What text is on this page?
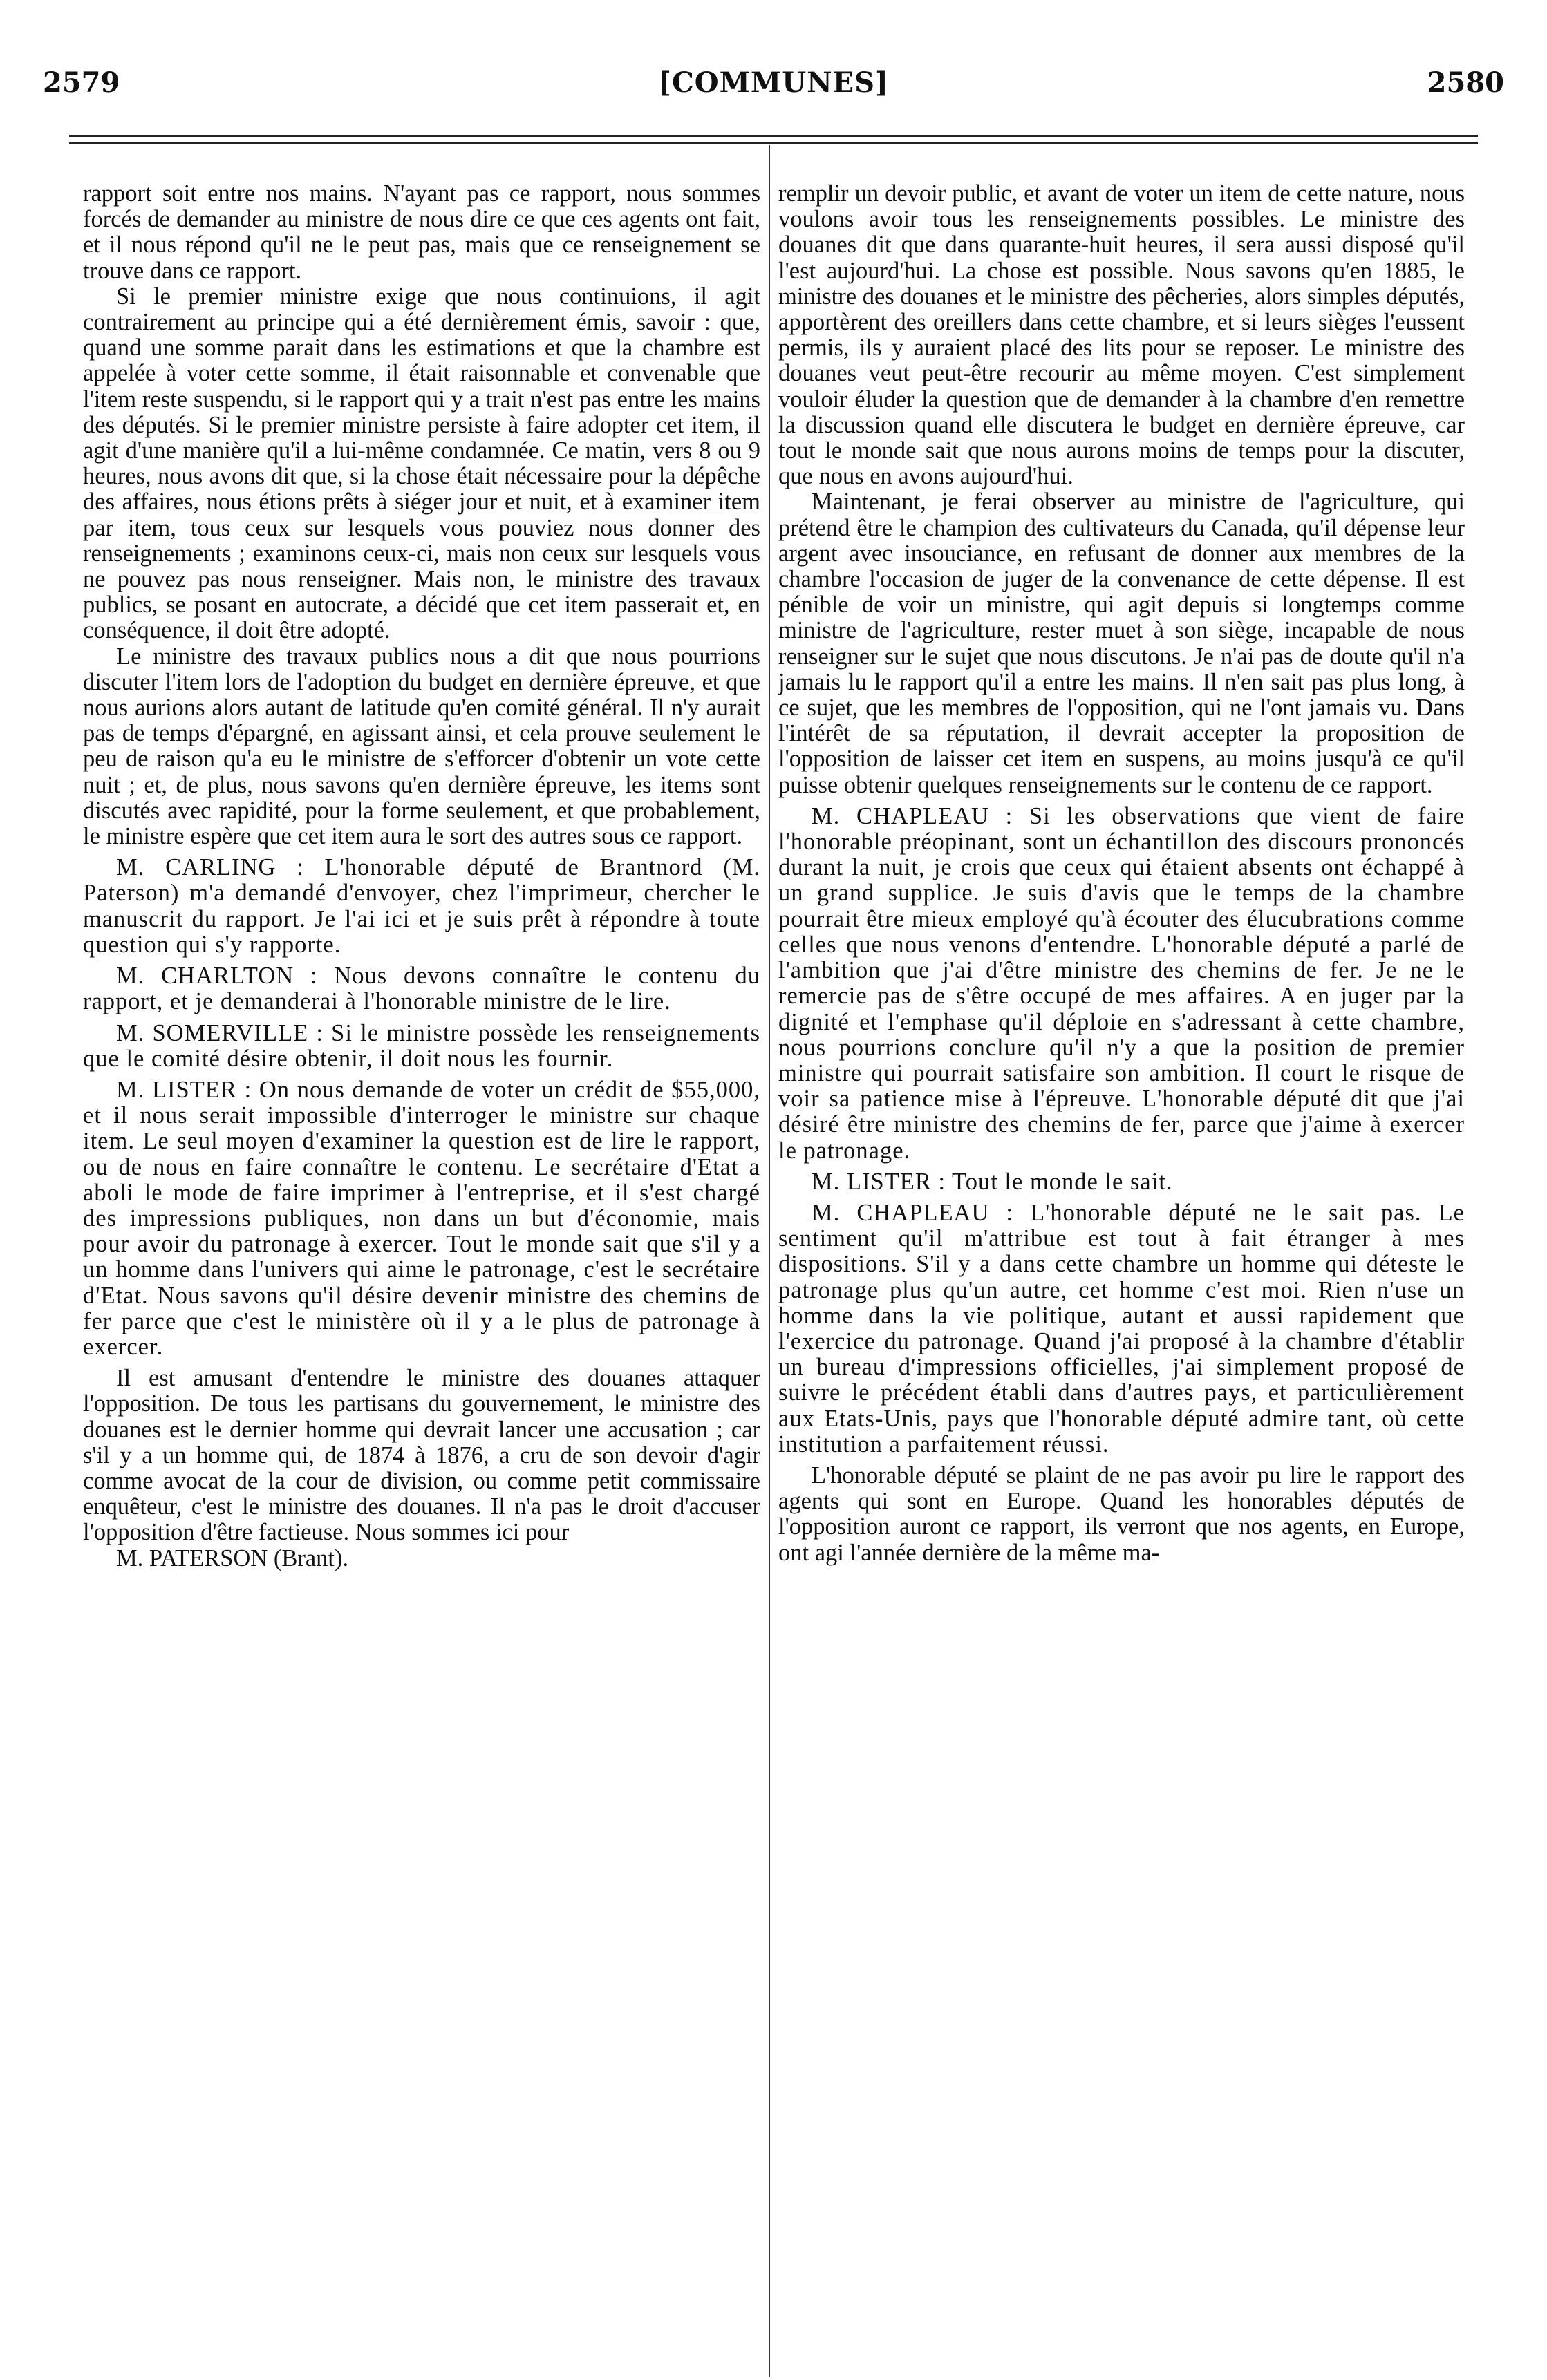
2579	[COMMUNES]	2580

rapport soit entre nos mains. N'ayant pas ce rapport, nous sommes forcés de demander au ministre de nous dire ce que ces agents ont fait, et il nous répond qu'il ne le peut pas, mais que ce renseignement se trouve dans ce rapport.

Si le premier ministre exige que nous continuions, il agit contrairement au principe qui a été dernièrement émis, savoir : que, quand une somme parait dans les estimations et que la chambre est appelée à voter cette somme, il était raisonnable et convenable que l'item reste suspendu, si le rapport qui y a trait n'est pas entre les mains des députés. Si le premier ministre persiste à faire adopter cet item, il agit d'une manière qu'il a lui-même condamnée. Ce matin, vers 8 ou 9 heures, nous avons dit que, si la chose était nécessaire pour la dépêche des affaires, nous étions prêts à siéger jour et nuit, et à examiner item par item, tous ceux sur lesquels vous pouviez nous donner des renseignements ; examinons ceux-ci, mais non ceux sur lesquels vous ne pouvez pas nous renseigner. Mais non, le ministre des travaux publics, se posant en autocrate, a décidé que cet item passerait et, en conséquence, il doit être adopté.

Le ministre des travaux publics nous a dit que nous pourrions discuter l'item lors de l'adoption du budget en dernière épreuve, et que nous aurions alors autant de latitude qu'en comité général. Il n'y aurait pas de temps d'épargné, en agissant ainsi, et cela prouve seulement le peu de raison qu'a eu le ministre de s'efforcer d'obtenir un vote cette nuit ; et, de plus, nous savons qu'en dernière épreuve, les items sont discutés avec rapidité, pour la forme seulement, et que probablement, le ministre espère que cet item aura le sort des autres sous ce rapport.

M. CARLING : L'honorable député de Brantnord (M. Paterson) m'a demandé d'envoyer, chez l'imprimeur, chercher le manuscrit du rapport. Je l'ai ici et je suis prêt à répondre à toute question qui s'y rapporte.

M. CHARLTON : Nous devons connaître le contenu du rapport, et je demanderai à l'honorable ministre de le lire.

M. SOMERVILLE : Si le ministre possède les renseignements que le comité désire obtenir, il doit nous les fournir.

M. LISTER : On nous demande de voter un crédit de $55,000, et il nous serait impossible d'interroger le ministre sur chaque item. Le seul moyen d'examiner la question est de lire le rapport, ou de nous en faire connaître le contenu. Le secrétaire d'Etat a aboli le mode de faire imprimer à l'entreprise, et il s'est chargé des impressions publiques, non dans un but d'économie, mais pour avoir du patronage à exercer. Tout le monde sait que s'il y a un homme dans l'univers qui aime le patronage, c'est le secrétaire d'Etat. Nous savons qu'il désire devenir ministre des chemins de fer parce que c'est le ministère où il y a le plus de patronage à exercer.

Il est amusant d'entendre le ministre des douanes attaquer l'opposition. De tous les partisans du gouvernement, le ministre des douanes est le dernier homme qui devrait lancer une accusation ; car s'il y a un homme qui, de 1874 à 1876, a cru de son devoir d'agir comme avocat de la cour de division, ou comme petit commissaire enquêteur, c'est le ministre des douanes. Il n'a pas le droit d'accuser l'opposition d'être factieuse. Nous sommes ici pour

M. PATERSON (Brant).

remplir un devoir public, et avant de voter un item de cette nature, nous voulons avoir tous les renseignements possibles. Le ministre des douanes dit que dans quarante-huit heures, il sera aussi disposé qu'il l'est aujourd'hui. La chose est possible. Nous savons qu'en 1885, le ministre des douanes et le ministre des pêcheries, alors simples députés, apportèrent des oreillers dans cette chambre, et si leurs sièges l'eussent permis, ils y auraient placé des lits pour se reposer. Le ministre des douanes veut peut-être recourir au même moyen. C'est simplement vouloir éluder la question que de demander à la chambre d'en remettre la discussion quand elle discutera le budget en dernière épreuve, car tout le monde sait que nous aurons moins de temps pour la discuter, que nous en avons aujourd'hui.

Maintenant, je ferai observer au ministre de l'agriculture, qui prétend être le champion des cultivateurs du Canada, qu'il dépense leur argent avec insouciance, en refusant de donner aux membres de la chambre l'occasion de juger de la convenance de cette dépense. Il est pénible de voir un ministre, qui agit depuis si longtemps comme ministre de l'agriculture, rester muet à son siège, incapable de nous renseigner sur le sujet que nous discutons. Je n'ai pas de doute qu'il n'a jamais lu le rapport qu'il a entre les mains. Il n'en sait pas plus long, à ce sujet, que les membres de l'opposition, qui ne l'ont jamais vu. Dans l'intérêt de sa réputation, il devrait accepter la proposition de l'opposition de laisser cet item en suspens, au moins jusqu'à ce qu'il puisse obtenir quelques renseignements sur le contenu de ce rapport.

M. CHAPLEAU : Si les observations que vient de faire l'honorable préopinant, sont un échantillon des discours prononcés durant la nuit, je crois que ceux qui étaient absents ont échappé à un grand supplice. Je suis d'avis que le temps de la chambre pourrait être mieux employé qu'à écouter des élucubrations comme celles que nous venons d'entendre. L'honorable député a parlé de l'ambition que j'ai d'être ministre des chemins de fer. Je ne le remercie pas de s'être occupé de mes affaires. A en juger par la dignité et l'emphase qu'il déploie en s'adressant à cette chambre, nous pourrions conclure qu'il n'y a que la position de premier ministre qui pourrait satisfaire son ambition. Il court le risque de voir sa patience mise à l'épreuve. L'honorable député dit que j'ai désiré être ministre des chemins de fer, parce que j'aime à exercer le patronage.

M. LISTER : Tout le monde le sait.

M. CHAPLEAU : L'honorable député ne le sait pas. Le sentiment qu'il m'attribue est tout à fait étranger à mes dispositions. S'il y a dans cette chambre un homme qui déteste le patronage plus qu'un autre, cet homme c'est moi. Rien n'use un homme dans la vie politique, autant et aussi rapidement que l'exercice du patronage. Quand j'ai proposé à la chambre d'établir un bureau d'impressions officielles, j'ai simplement proposé de suivre le précédent établi dans d'autres pays, et particulièrement aux Etats-Unis, pays que l'honorable député admire tant, où cette institution a parfaitement réussi.

L'honorable député se plaint de ne pas avoir pu lire le rapport des agents qui sont en Europe. Quand les honorables députés de l'opposition auront ce rapport, ils verront que nos agents, en Europe, ont agi l'année dernière de la même ma-
